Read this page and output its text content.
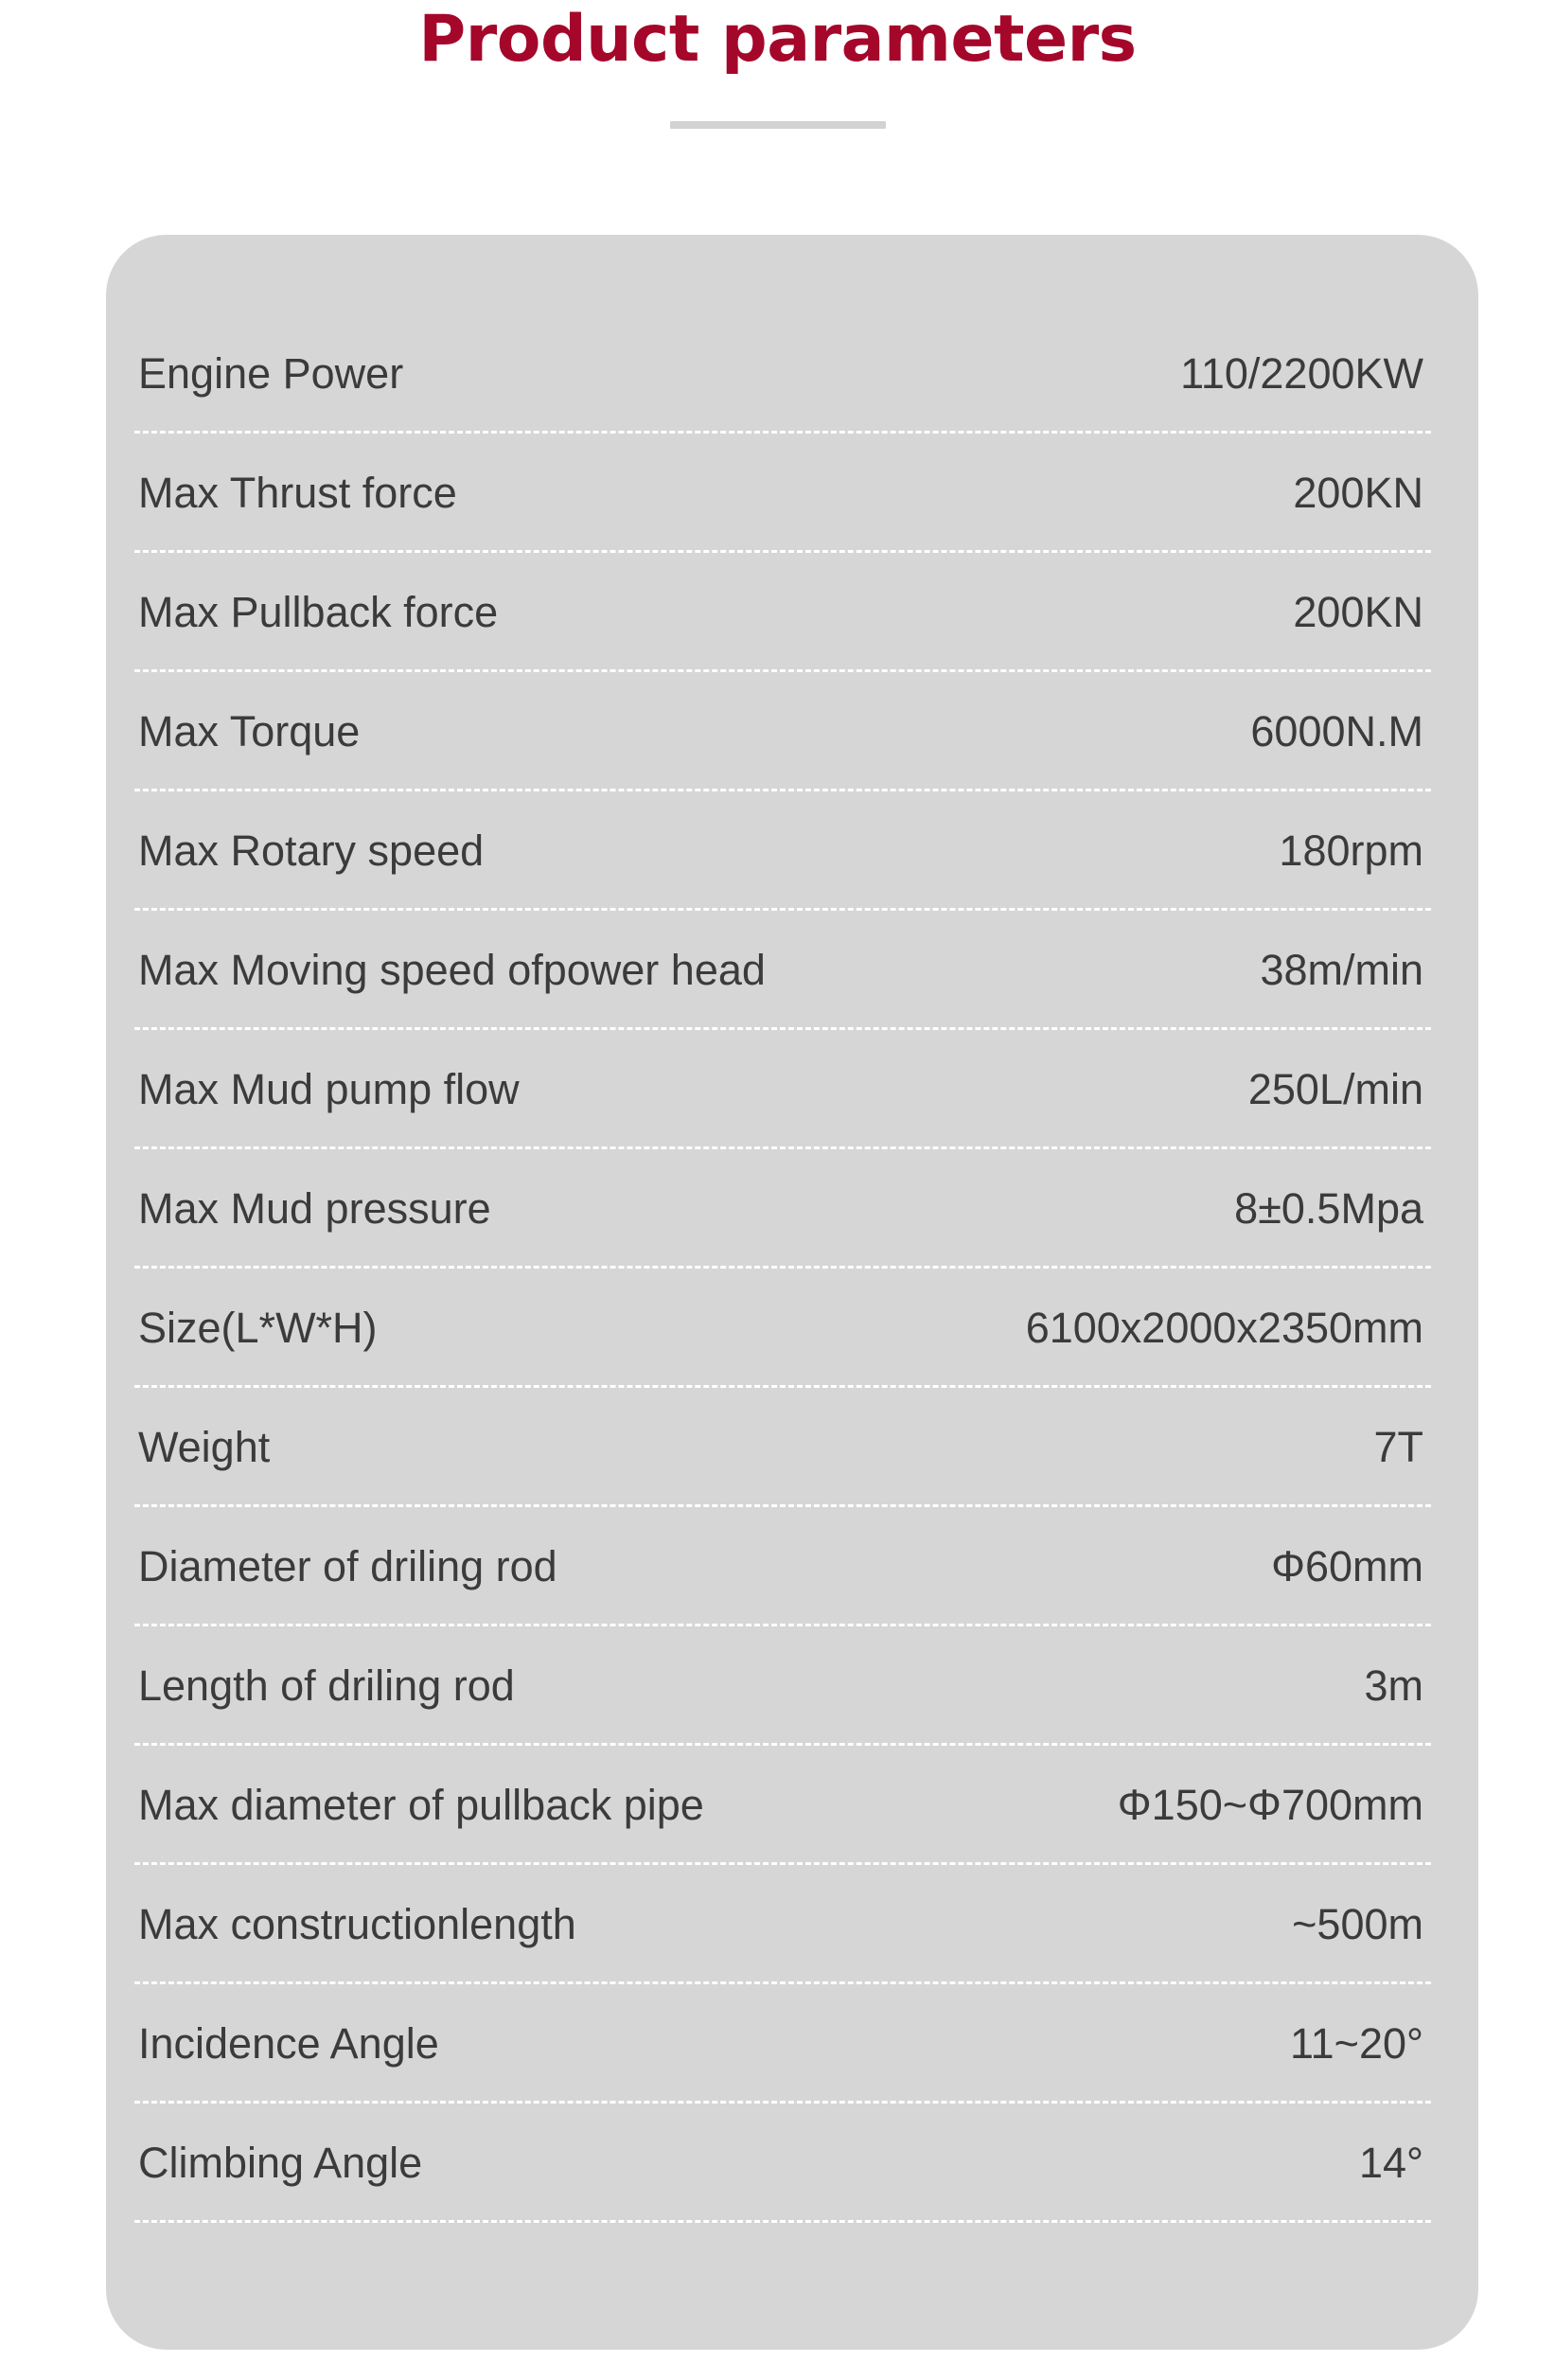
Product parameters
Engine Power	110/2200KW
Max Thrust force	200KN
Max Pullback force	200KN
Max Torque	6000N.M
Max Rotary speed	180rpm
Max Moving speed ofpower head	38m/min
Max Mud pump flow	250L/min
Max Mud pressure	8±0.5Mpa
Size(L*W*H)	6100x2000x2350mm
Weight	7T
Diameter of driling rod	Φ60mm
Length of driling rod	3m
Max diameter of pullback pipe	Φ150~Φ700mm
Max constructionlength	~500m
Incidence Angle	11~20°
Climbing Angle	14°
